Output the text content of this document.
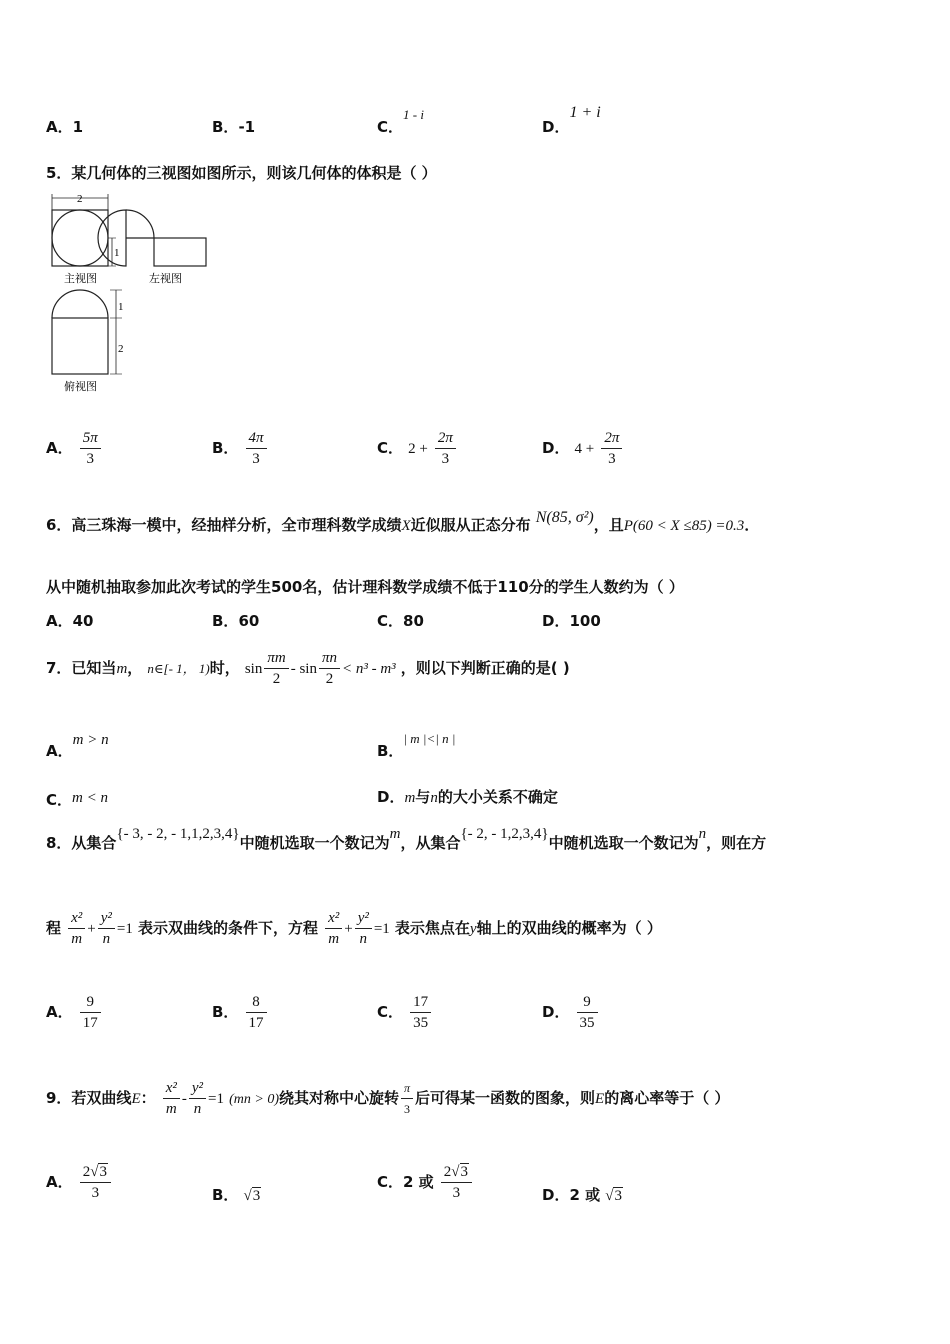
A．1	B．-1	C．1 - i
D．1 + i
5．某几何体的三视图如图所示，则该几何体的体积是（ ）
2
1
主视图	左视图
1
2
俯视图
A． $\frac{5\pi}{3}$	B． $\frac{4\pi}{3}$	C． $2 + \frac{2\pi}{3}$	D． $4 + \frac{2\pi}{3}$
6．高三珠海一模中，经抽样分析，全市理科数学成绩X近似服从正态分布 N(85, σ²)，且P(60 < X ≤85) =0.3．
从中随机抽取参加此次考试的学生500名，估计理科数学成绩不低于110分的学生人数约为（ ）
A．40	B．60	C．80	D．100
7．已知当m， n∈[- 1， 1)时， $\sin \frac{\pi m}{2} - \sin \frac{\pi n}{2} < n^3 - m^3$ ，则以下判断正确的是( )
A．m > n
B．| m |<| n |
C．m < n	D．m与n的大小关系不确定
8．从集合{- 3, - 2, - 1,1,2,3,4}中随机选取一个数记为m，从集合{- 2, - 1,2,3,4}中随机选取一个数记为n，则在方
程 $\frac{\text{x²}}{m} + \frac{\text{y²}}{n} =1$ 表示双曲线的条件下，方程 $\frac{\text{x²}}{m} + \frac{\text{y²}}{n} =1$ 表示焦点在y轴上的双曲线的概率为（ ）
A． $\frac{9}{17}$	B． $\frac{8}{17}$	C． $\frac{17}{35}$	D． $\frac{9}{35}$
9．若双曲线E： $\frac{\text{x²}}{m} - \frac{\text{y²}}{n} =1$ (mn > 0)绕其对称中心旋转 $\frac{\pi}{3}$ 后可得某一函数的图象，则E的离心率等于（ ）
A． $\frac{2√3}{3}$	B． √3
C．2 或 $\frac{2√3}{3}$	D．2 或 √3
